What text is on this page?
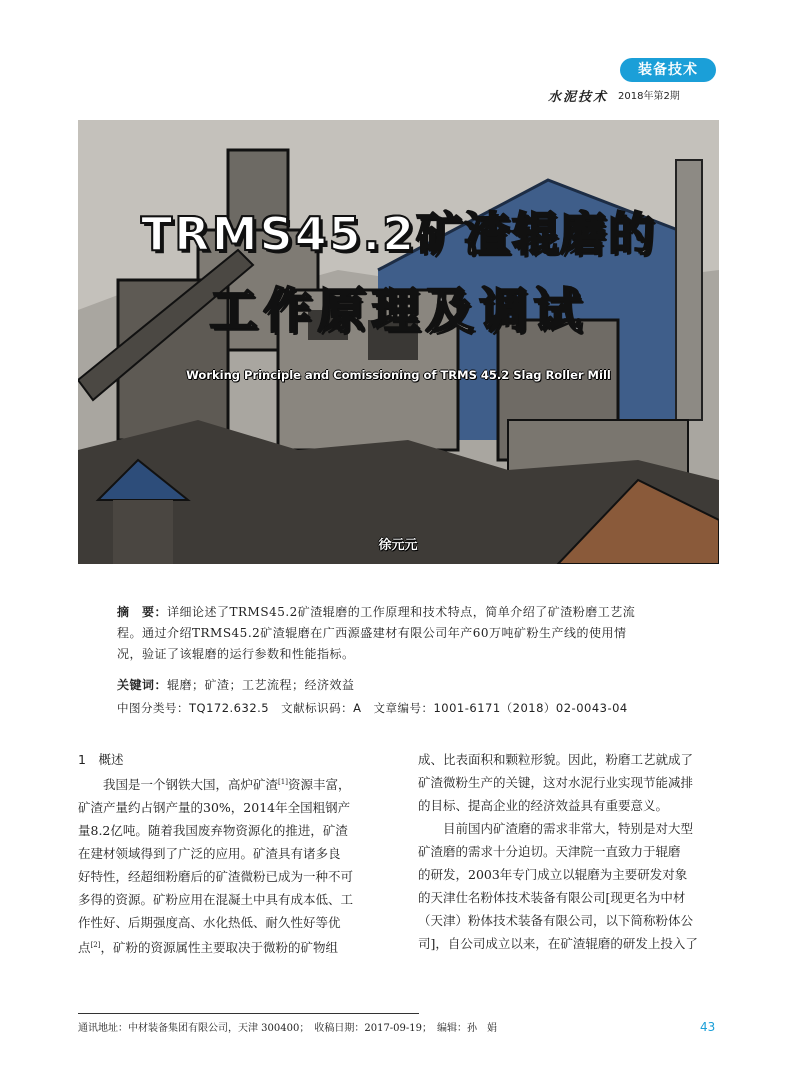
装备技术
水泥技术 2018年第2期
TRMS45.2矿渣辊磨的
工作原理及调试
Working Principle and Comissioning of TRMS 45.2 Slag Roller Mill
徐元元
摘　要：详细论述了TRMS45.2矿渣辊磨的工作原理和技术特点，简单介绍了矿渣粉磨工艺流
程。通过介绍TRMS45.2矿渣辊磨在广西源盛建材有限公司年产60万吨矿粉生产线的使用情
况，验证了该辊磨的运行参数和性能指标。
关键词：辊磨；矿渣；工艺流程；经济效益
中图分类号：TQ172.632.5　文献标识码：A　文章编号：1001-6171（2018）02-0043-04
1　概述
　　我国是一个钢铁大国，高炉矿渣[1]资源丰富，
矿渣产量约占钢产量的30%，2014年全国粗钢产
量8.2亿吨。随着我国废弃物资源化的推进，矿渣
在建材领域得到了广泛的应用。矿渣具有诸多良
好特性，经超细粉磨后的矿渣微粉已成为一种不可
多得的资源。矿粉应用在混凝土中具有成本低、工
作性好、后期强度高、水化热低、耐久性好等优
点[2]，矿粉的资源属性主要取决于微粉的矿物组
成、比表面积和颗粒形貌。因此，粉磨工艺就成了
矿渣微粉生产的关键，这对水泥行业实现节能减排
的目标、提高企业的经济效益具有重要意义。
　　目前国内矿渣磨的需求非常大，特别是对大型
矿渣磨的需求十分迫切。天津院一直致力于辊磨
的研发，2003年专门成立以辊磨为主要研发对象
的天津仕名粉体技术装备有限公司[现更名为中材
（天津）粉体技术装备有限公司，以下简称粉体公
司]，自公司成立以来，在矿渣辊磨的研发上投入了
通讯地址：中材装备集团有限公司，天津 300400；　收稿日期：2017-09-19；　编辑：孙　娟	43
